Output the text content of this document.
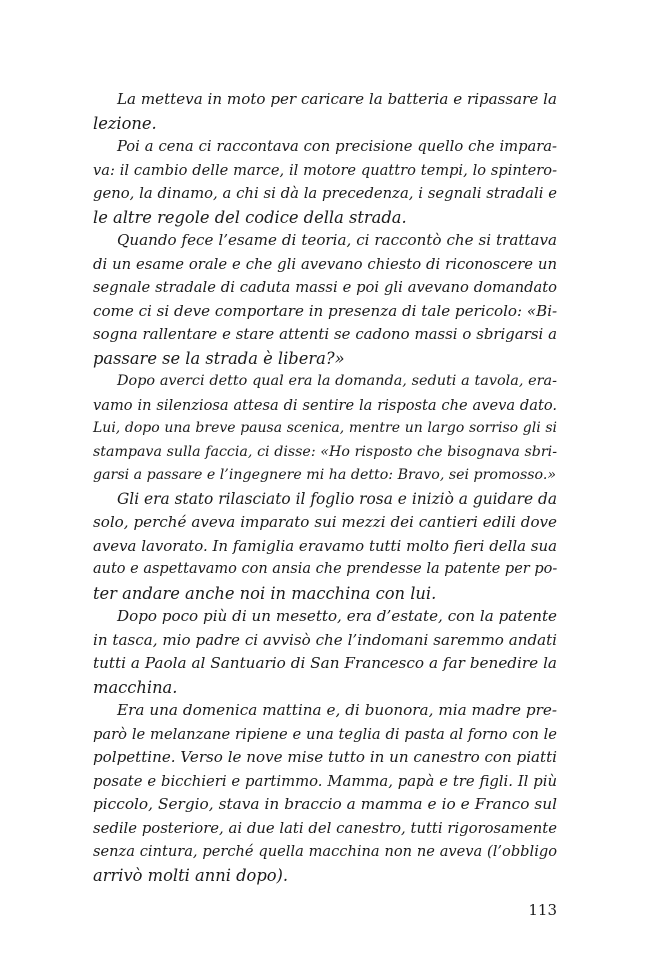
La metteva in moto per caricare la batteria e ripassare la
lezione.
Poi a cena ci raccontava con precisione quello che impara-
va: il cambio delle marce, il motore quattro tempi, lo spintero-
geno, la dinamo, a chi si dà la precedenza, i segnali stradali e
le altre regole del codice della strada.
Quando fece l’esame di teoria, ci raccontò che si trattava
di un esame orale e che gli avevano chiesto di riconoscere un
segnale stradale di caduta massi e poi gli avevano domandato
come ci si deve comportare in presenza di tale pericolo: «Bi-
sogna rallentare e stare attenti se cadono massi o sbrigarsi a
passare se la strada è libera?»
Dopo averci detto qual era la domanda, seduti a tavola, era-
vamo in silenziosa attesa di sentire la risposta che aveva dato.
Lui, dopo una breve pausa scenica, mentre un largo sorriso gli si
stampava sulla faccia, ci disse: «Ho risposto che bisognava sbri-
garsi a passare e l’ingegnere mi ha detto: Bravo, sei promosso.»
Gli era stato rilasciato il foglio rosa e iniziò a guidare da
solo, perché aveva imparato sui mezzi dei cantieri edili dove
aveva lavorato. In famiglia eravamo tutti molto fieri della sua
auto e aspettavamo con ansia che prendesse la patente per po-
ter andare anche noi in macchina con lui.
Dopo poco più di un mesetto, era d’estate, con la patente
in tasca, mio padre ci avvisò che l’indomani saremmo andati
tutti a Paola al Santuario di San Francesco a far benedire la
macchina.
Era una domenica mattina e, di buonora, mia madre pre-
parò le melanzane ripiene e una teglia di pasta al forno con le
polpettine. Verso le nove mise tutto in un canestro con piatti
posate e bicchieri e partimmo. Mamma, papà e tre figli. Il più
piccolo, Sergio, stava in braccio a mamma e io e Franco sul
sedile posteriore, ai due lati del canestro, tutti rigorosamente
senza cintura, perché quella macchina non ne aveva (l’obbligo
arrivò molti anni dopo).
113
